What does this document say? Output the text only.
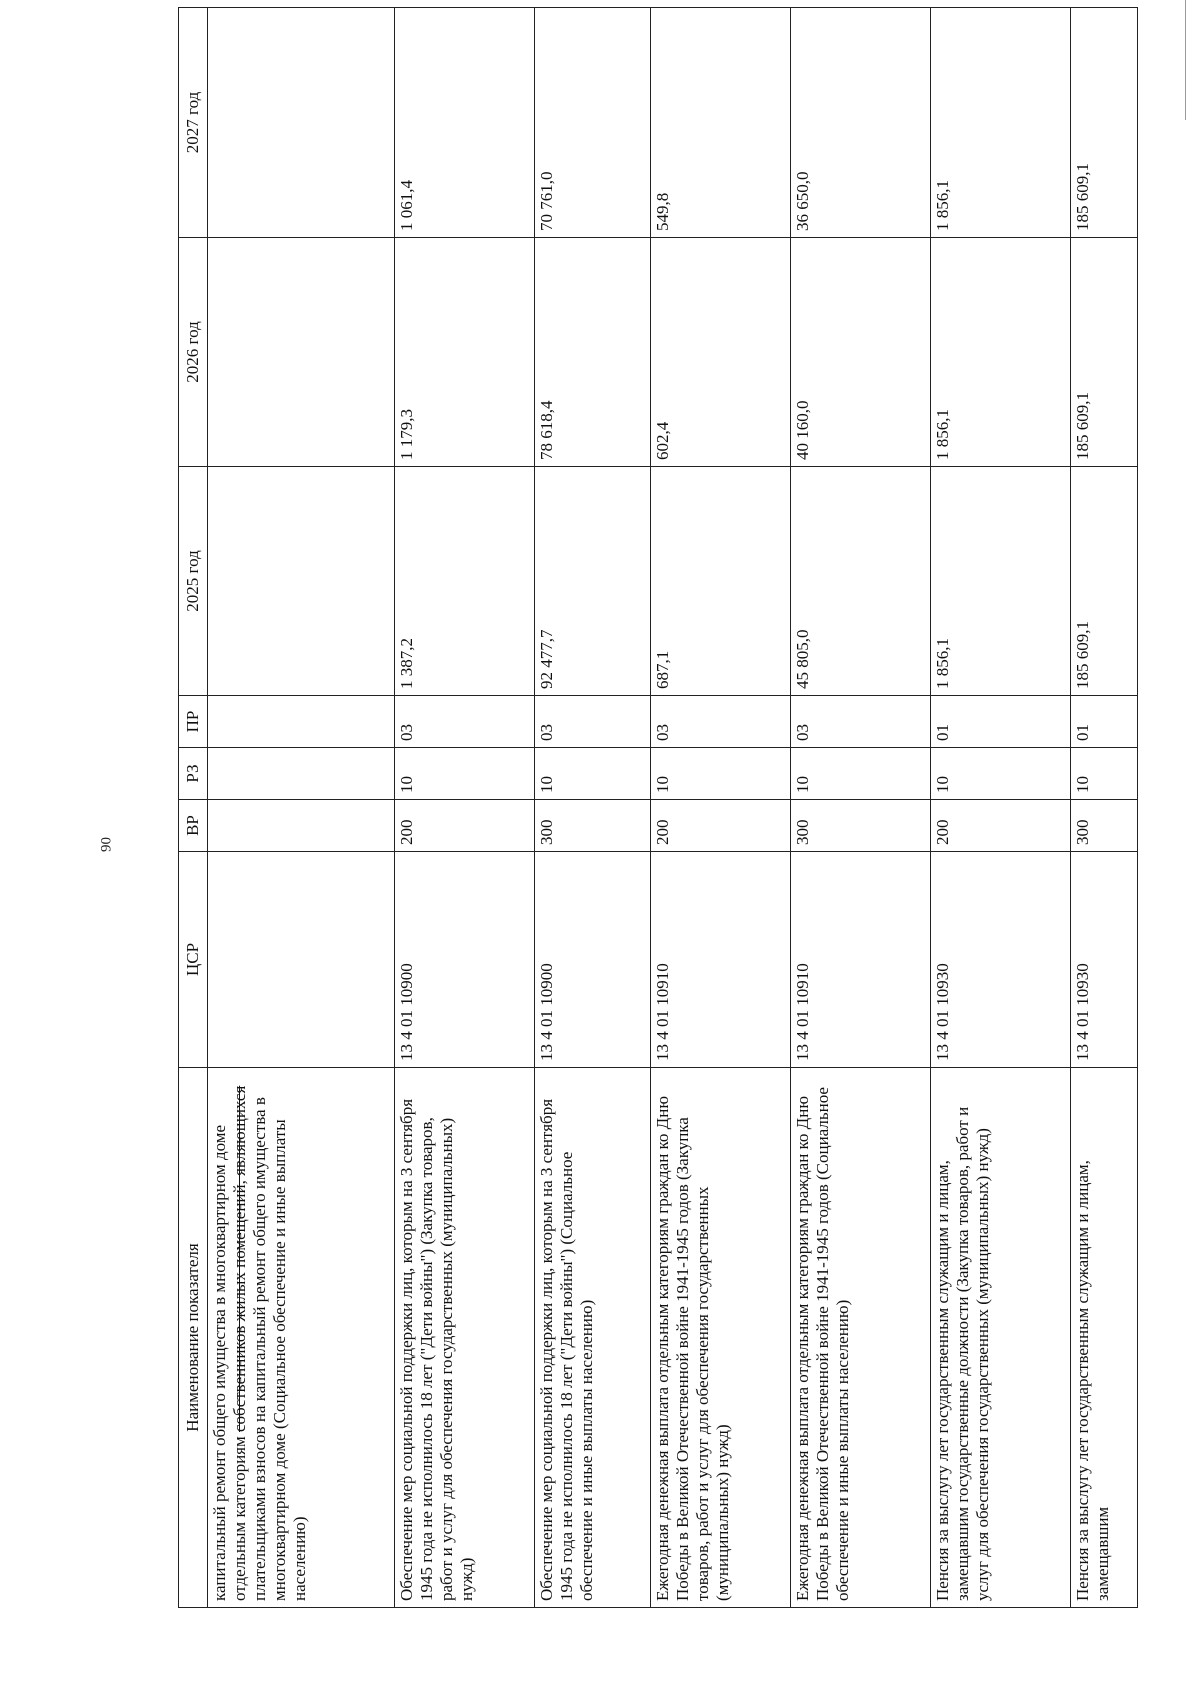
90
Наименование показателя	ЦСР	ВР	РЗ	ПР	2025 год	2026 год	2027 год
капитальный ремонт общего имущества в многоквартирном доме отдельным категориям собственников жилых помещений, являющихся плательщиками взносов на капитальный ремонт общего имущества в многоквартирном доме (Социальное обеспечение и иные выплаты населению)							
Обеспечение мер социальной поддержки лиц, которым на 3 сентября 1945 года не исполнилось 18 лет ("Дети войны") (Закупка товаров, работ и услуг для обеспечения государственных (муниципальных) нужд)	13 4 01 10900	200	10	03	1 387,2	1 179,3	1 061,4
Обеспечение мер социальной поддержки лиц, которым на 3 сентября 1945 года не исполнилось 18 лет ("Дети войны") (Социальное обеспечение и иные выплаты населению)	13 4 01 10900	300	10	03	92 477,7	78 618,4	70 761,0
Ежегодная денежная выплата отдельным категориям граждан ко Дню Победы в Великой Отечественной войне 1941-1945 годов (Закупка товаров, работ и услуг для обеспечения государственных (муниципальных) нужд)	13 4 01 10910	200	10	03	687,1	602,4	549,8
Ежегодная денежная выплата отдельным категориям граждан ко Дню Победы в Великой Отечественной войне 1941-1945 годов (Социальное обеспечение и иные выплаты населению)	13 4 01 10910	300	10	03	45 805,0	40 160,0	36 650,0
Пенсия за выслугу лет государственным служащим и лицам, замещавшим государственные должности (Закупка товаров, работ и услуг для обеспечения государственных (муниципальных) нужд)	13 4 01 10930	200	10	01	1 856,1	1 856,1	1 856,1
Пенсия за выслугу лет государственным служащим и лицам, замещавшим	13 4 01 10930	300	10	01	185 609,1	185 609,1	185 609,1
